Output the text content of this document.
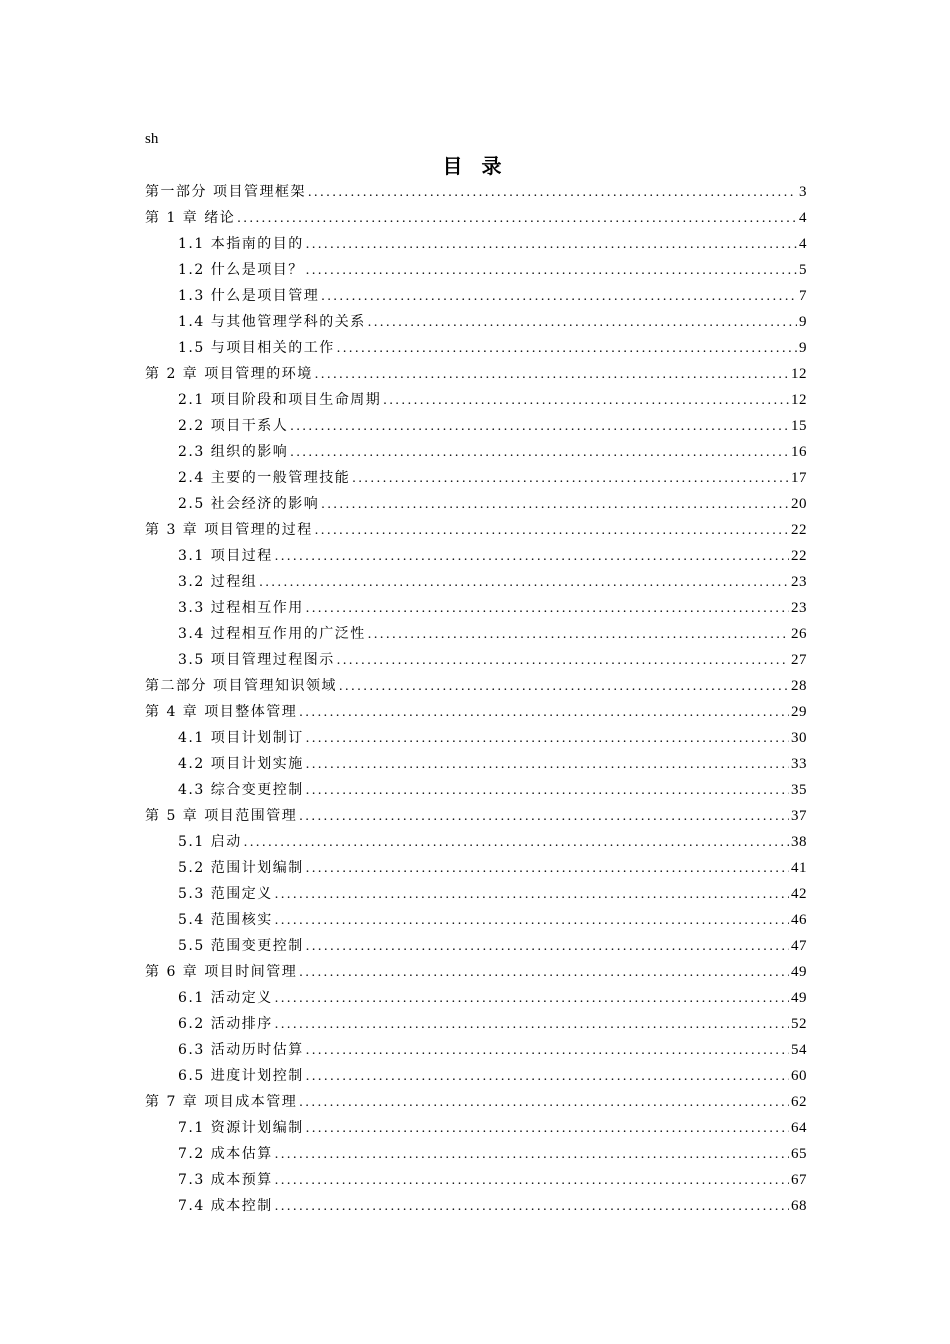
sh
目 录
第一部分 项目管理框架 .....	3
第 1 章 绪论 .....	4
1.1 本指南的目的 .....	4
1.2 什么是项目？ .....	5
1.3 什么是项目管理 .....	7
1.4 与其他管理学科的关系 .....	9
1.5 与项目相关的工作 .....	9
第 2 章 项目管理的环境 .....	12
2.1 项目阶段和项目生命周期 .....	12
2.2 项目干系人 .....	15
2.3 组织的影响 .....	16
2.4 主要的一般管理技能 .....	17
2.5 社会经济的影响 .....	20
第 3 章 项目管理的过程 .....	22
3.1 项目过程 .....	22
3.2 过程组 .....	23
3.3 过程相互作用 .....	23
3.4 过程相互作用的广泛性 .....	26
3.5 项目管理过程图示 .....	27
第二部分 项目管理知识领域 .....	28
第 4 章 项目整体管理 .....	29
4.1 项目计划制订 .....	30
4.2 项目计划实施 .....	33
4.3 综合变更控制 .....	35
第 5 章 项目范围管理 .....	37
5.1 启动 .....	38
5.2 范围计划编制 .....	41
5.3 范围定义 .....	42
5.4 范围核实 .....	46
5.5 范围变更控制 .....	47
第 6 章 项目时间管理 .....	49
6.1 活动定义 .....	49
6.2 活动排序 .....	52
6.3 活动历时估算 .....	54
6.5 进度计划控制 .....	60
第 7 章 项目成本管理 .....	62
7.1 资源计划编制 .....	64
7.2 成本估算 .....	65
7.3 成本预算 .....	67
7.4 成本控制 .....	68
